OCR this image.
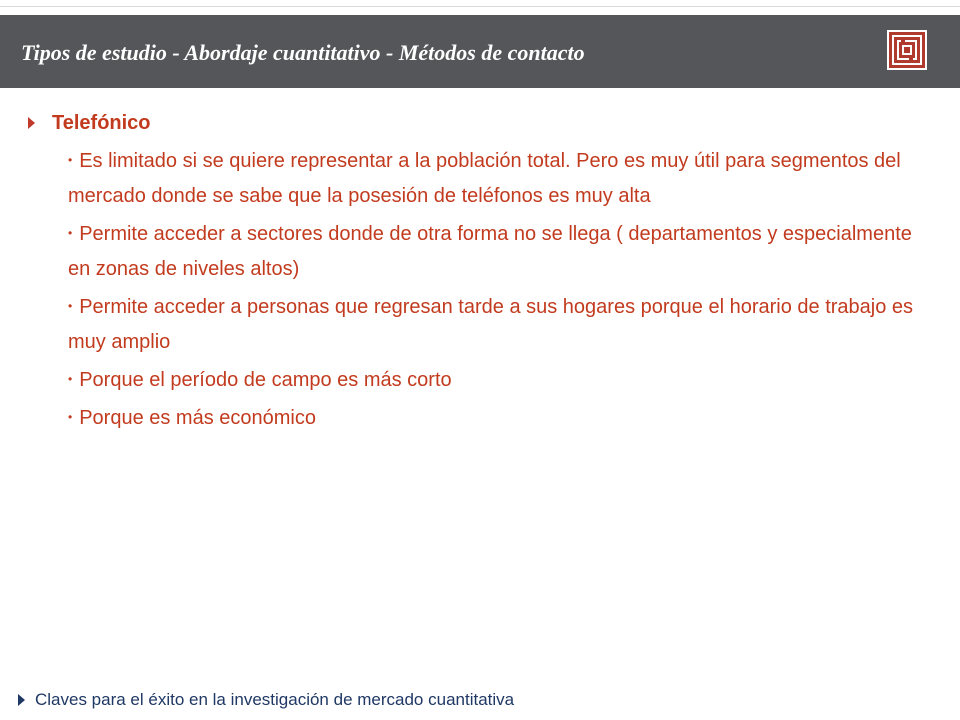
Tipos de estudio - Abordaje cuantitativo - Métodos de contacto
Telefónico
• Es limitado si se quiere representar a la población total. Pero es muy útil para segmentos del mercado donde se sabe que la posesión de teléfonos es muy alta
• Permite acceder a sectores donde de otra forma no se llega ( departamentos y especialmente en zonas de niveles altos)
• Permite acceder a personas que regresan tarde a sus hogares porque el horario de trabajo es muy amplio
• Porque el período de campo es más corto
• Porque es más económico
Claves para el éxito en la investigación de mercado cuantitativa
